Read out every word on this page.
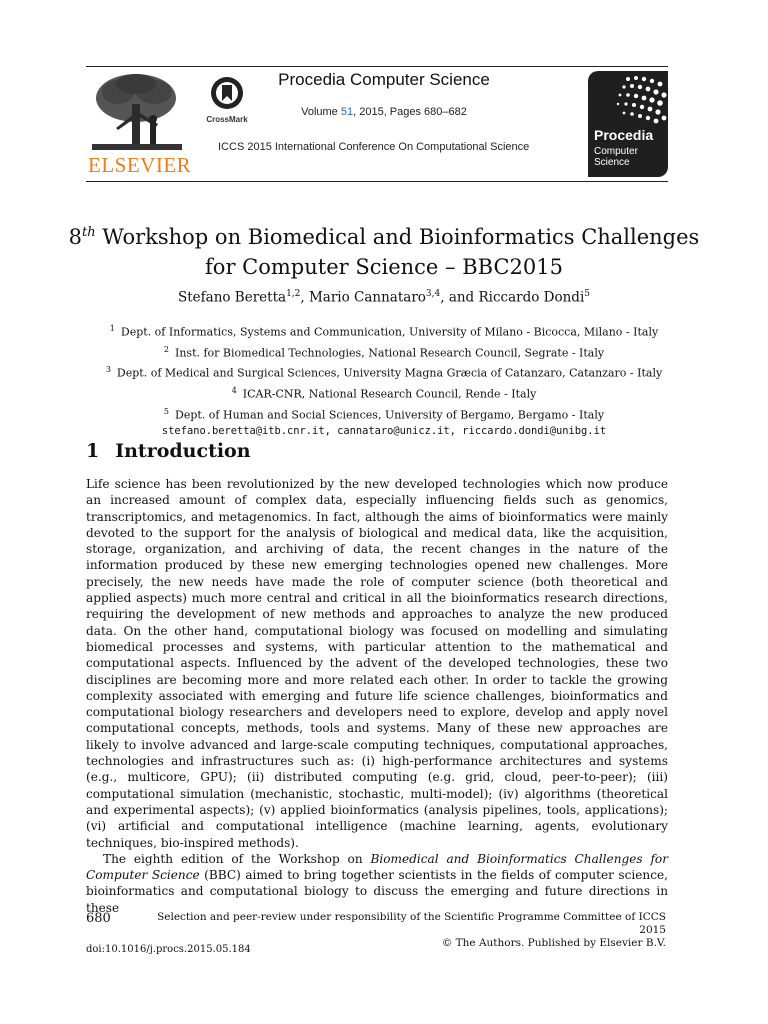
ELSEVIER
CrossMark
Procedia Computer Science
Volume 51, 2015, Pages 680–682
ICCS 2015 International Conference On Computational Science
Procedia
Computer
Science
8th Workshop on Biomedical and Bioinformatics Challenges
for Computer Science – BBC2015
Stefano Beretta$^{1,2}$, Mario Cannataro$^{3,4}$, and Riccardo Dondi$^5$
$^1$ Dept. of Informatics, Systems and Communication, University of Milano - Bicocca, Milano - Italy
$^2$ Inst. for Biomedical Technologies, National Research Council, Segrate - Italy
$^3$ Dept. of Medical and Surgical Sciences, University Magna Græcia of Catanzaro, Catanzaro - Italy
$^4$ ICAR-CNR, National Research Council, Rende - Italy
$^5$ Dept. of Human and Social Sciences, University of Bergamo, Bergamo - Italy
stefano.beretta@itb.cnr.it, cannataro@unicz.it, riccardo.dondi@unibg.it
1 Introduction

Life science has been revolutionized by the new developed technologies which now produce an increased amount of complex data, especially influencing fields such as genomics, transcriptomics, and metagenomics. In fact, although the aims of bioinformatics were mainly devoted to the support for the analysis of biological and medical data, like the acquisition, storage, organization, and archiving of data, the recent changes in the nature of the information produced by these new emerging technologies opened new challenges. More precisely, the new needs have made the role of computer science (both theoretical and applied aspects) much more central and critical in all the bioinformatics research directions, requiring the development of new methods and approaches to analyze the new produced data. On the other hand, computational biology was focused on modelling and simulating biomedical processes and systems, with particular attention to the mathematical and computational aspects. Influenced by the advent of the developed technologies, these two disciplines are becoming more and more related each other. In order to tackle the growing complexity associated with emerging and future life science challenges, bioinformatics and computational biology researchers and developers need to explore, develop and apply novel computational concepts, methods, tools and systems. Many of these new approaches are likely to involve advanced and large-scale computing techniques, computational approaches, technologies and infrastructures such as: (i) high-performance architectures and systems (e.g., multicore, GPU); (ii) distributed computing (e.g. grid, cloud, peer-to-peer); (iii) computational simulation (mechanistic, stochastic, multi-model); (iv) algorithms (theoretical and experimental aspects); (v) applied bioinformatics (analysis pipelines, tools, applications); (vi) artificial and computational intelligence (machine learning, agents, evolutionary techniques, bio-inspired methods).

The eighth edition of the Workshop on Biomedical and Bioinformatics Challenges for Computer Science (BBC) aimed to bring together scientists in the fields of computer science, bioinformatics and computational biology to discuss the emerging and future directions in these

680	Selection and peer-review under responsibility of the Scientific Programme Committee of ICCS 2015
© The Authors. Published by Elsevier B.V.
doi:10.1016/j.procs.2015.05.184
